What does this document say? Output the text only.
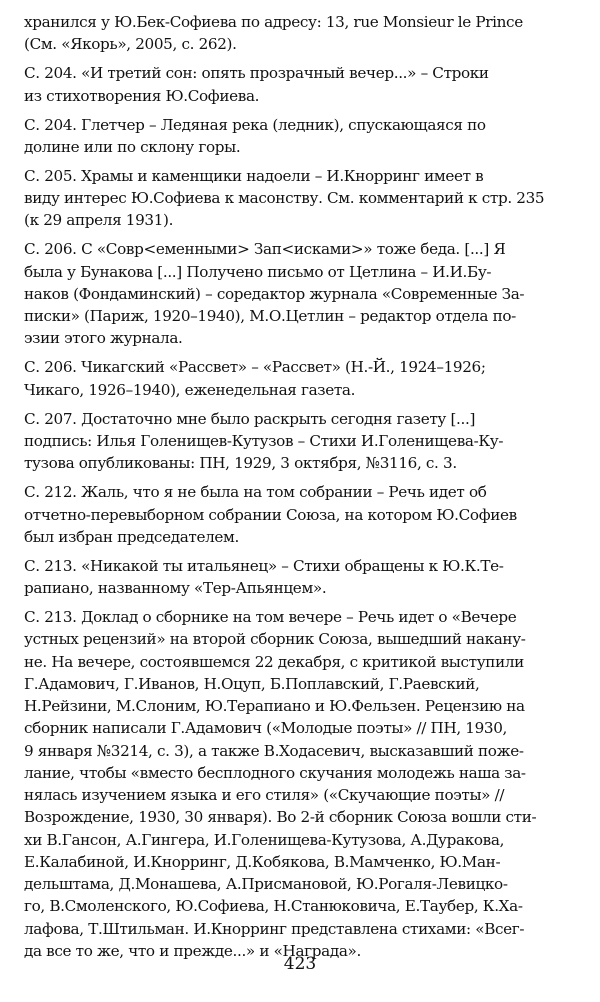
хранился у Ю.Бек-Софиева по адресу: 13, rue Monsieur le Prince
(См. «Якорь», 2005, с. 262).
С. 204. «И третий сон: опять прозрачный вечер...» – Строки
из стихотворения Ю.Софиева.
С. 204. Глетчер – Ледяная река (ледник), спускающаяся по
долине или по склону горы.
С. 205. Храмы и каменщики надоели – И.Кнорринг имеет в
виду интерес Ю.Софиева к масонству. См. комментарий к стр. 235
(к 29 апреля 1931).
С. 206. С «Совр<еменными> Зап<исками>» тоже беда. [...] Я
была у Бунакова [...] Получено письмо от Цетлина – И.И.Бу-
наков (Фондаминский) – соредактор журнала «Современные За-
писки» (Париж, 1920–1940), М.О.Цетлин – редактор отдела по-
эзии этого журнала.
С. 206. Чикагский «Рассвет» – «Рассвет» (Н.-Й., 1924–1926;
Чикаго, 1926–1940), еженедельная газета.
С. 207. Достаточно мне было раскрыть сегодня газету [...]
подпись: Илья Голенищев-Кутузов – Стихи И.Голенищева-Ку-
тузова опубликованы: ПН, 1929, 3 октября, №3116, с. 3.
С. 212. Жаль, что я не была на том собрании – Речь идет об
отчетно-перевыборном собрании Союза, на котором Ю.Софиев
был избран председателем.
С. 213. «Никакой ты итальянец» – Стихи обращены к Ю.К.Те-
рапиано, названному «Тер-Апьянцем».
С. 213. Доклад о сборнике на том вечере – Речь идет о «Вечере
устных рецензий» на второй сборник Союза, вышедший накану-
не. На вечере, состоявшемся 22 декабря, с критикой выступили
Г.Адамович, Г.Иванов, Н.Оцуп, Б.Поплавский, Г.Раевский,
Н.Рейзини, М.Слоним, Ю.Терапиано и Ю.Фельзен. Рецензию на
сборник написали Г.Адамович («Молодые поэты» // ПН, 1930,
9 января №3214, с. 3), а также В.Ходасевич, высказавший поже-
лание, чтобы «вместо бесплодного скучания молодежь наша за-
нялась изучением языка и его стиля» («Скучающие поэты» //
Возрождение, 1930, 30 января). Во 2-й сборник Союза вошли сти-
хи В.Гансон, А.Гингера, И.Голенищева-Кутузова, А.Дуракова,
Е.Калабиной, И.Кнорринг, Д.Кобякова, В.Мамченко, Ю.Ман-
дельштама, Д.Монашева, А.Присмановой, Ю.Рогаля-Левицко-
го, В.Смоленского, Ю.Софиева, Н.Станюковича, Е.Таубер, К.Ха-
лафова, Т.Штильман. И.Кнорринг представлена стихами: «Всег-
да все то же, что и прежде...» и «Награда».
423
